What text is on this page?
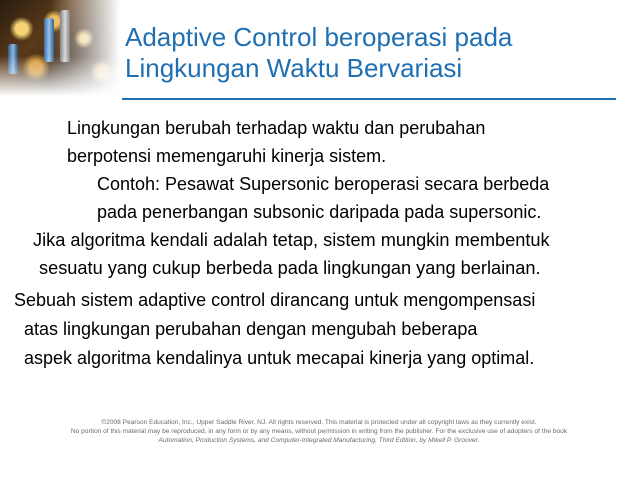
Adaptive Control beroperasi pada
Lingkungan Waktu Bervariasi
Lingkungan berubah terhadap waktu dan perubahan
berpotensi memengaruhi kinerja sistem.
Contoh: Pesawat Supersonic beroperasi secara berbeda
pada penerbangan subsonic daripada pada supersonic.
Jika algoritma kendali adalah tetap, sistem mungkin membentuk
sesuatu yang cukup berbeda pada lingkungan yang berlainan.
Sebuah sistem adaptive control dirancang untuk mengompensasi
atas lingkungan perubahan dengan mengubah beberapa
aspek algoritma kendalinya untuk mecapai kinerja yang optimal.
©2008 Pearson Education, Inc., Upper Saddle River, NJ. All rights reserved. This material is protected under all copyright laws as they currently exist.
No portion of this material may be reproduced, in any form or by any means, without permission in writing from the publisher. For the exclusive use of adopters of the book
Automation, Production Systems, and Computer-Integrated Manufacturing, Third Edition, by Mikell P. Groover.
